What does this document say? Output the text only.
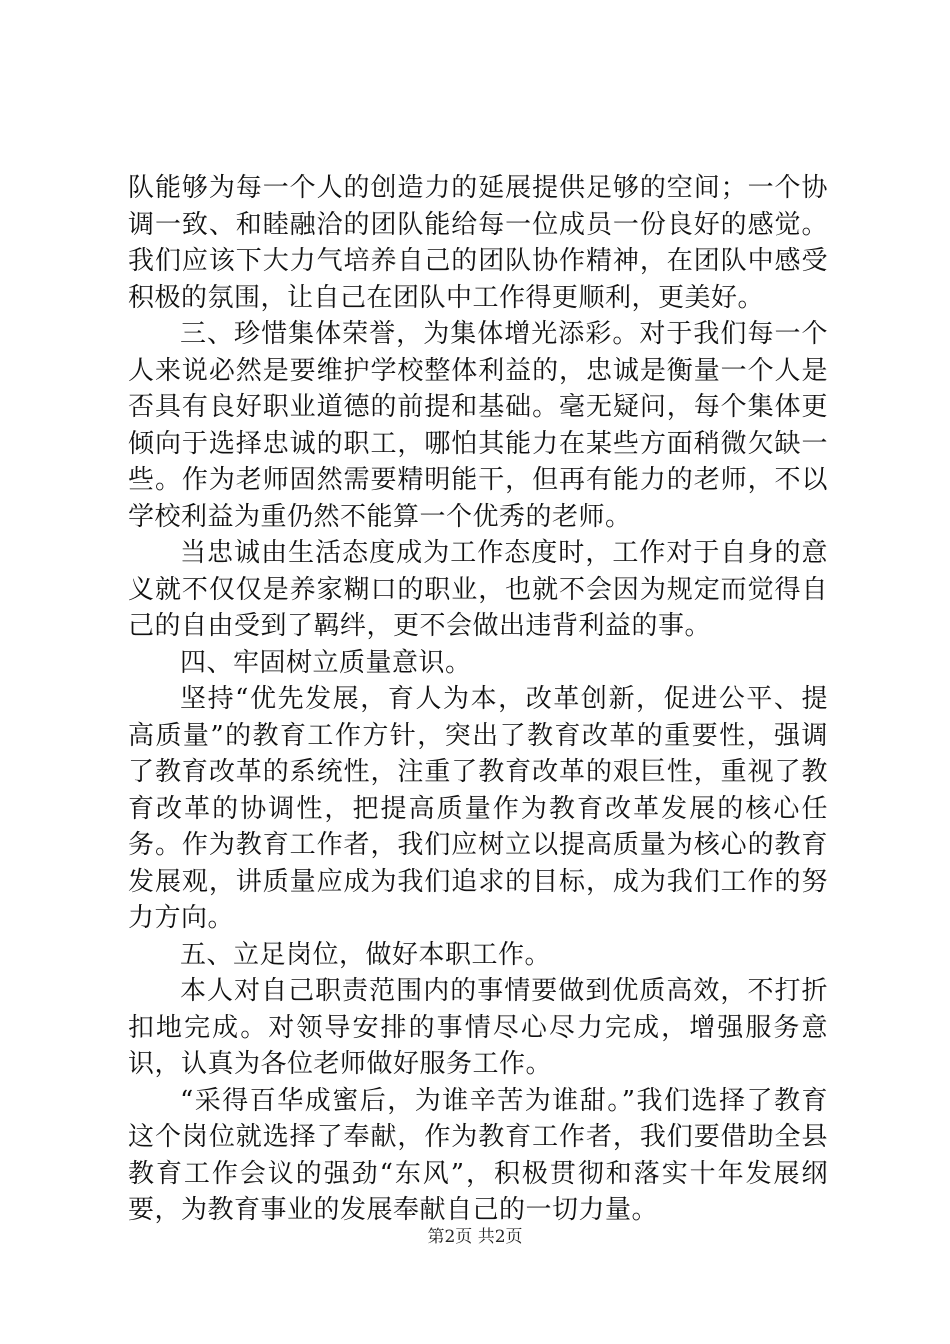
队能够为每一个人的创造力的延展提供足够的空间；一个协调一致、和睦融洽的团队能给每一位成员一份良好的感觉。我们应该下大力气培养自己的团队协作精神，在团队中感受积极的氛围，让自己在团队中工作得更顺利，更美好。

三、珍惜集体荣誉，为集体增光添彩。对于我们每一个人来说必然是要维护学校整体利益的，忠诚是衡量一个人是否具有良好职业道德的前提和基础。毫无疑问，每个集体更倾向于选择忠诚的职工，哪怕其能力在某些方面稍微欠缺一些。作为老师固然需要精明能干，但再有能力的老师，不以学校利益为重仍然不能算一个优秀的老师。

当忠诚由生活态度成为工作态度时，工作对于自身的意义就不仅仅是养家糊口的职业，也就不会因为规定而觉得自己的自由受到了羁绊，更不会做出违背利益的事。

四、牢固树立质量意识。

坚持“优先发展，育人为本，改革创新，促进公平、提高质量”的教育工作方针，突出了教育改革的重要性，强调了教育改革的系统性，注重了教育改革的艰巨性，重视了教育改革的协调性，把提高质量作为教育改革发展的核心任务。作为教育工作者，我们应树立以提高质量为核心的教育发展观，讲质量应成为我们追求的目标，成为我们工作的努力方向。

五、立足岗位，做好本职工作。

本人对自己职责范围内的事情要做到优质高效，不打折扣地完成。对领导安排的事情尽心尽力完成，增强服务意识，认真为各位老师做好服务工作。

“采得百华成蜜后，为谁辛苦为谁甜。”我们选择了教育这个岗位就选择了奉献，作为教育工作者，我们要借助全县教育工作会议的强劲“东风”，积极贯彻和落实十年发展纲要，为教育事业的发展奉献自己的一切力量。

第2页 共2页
